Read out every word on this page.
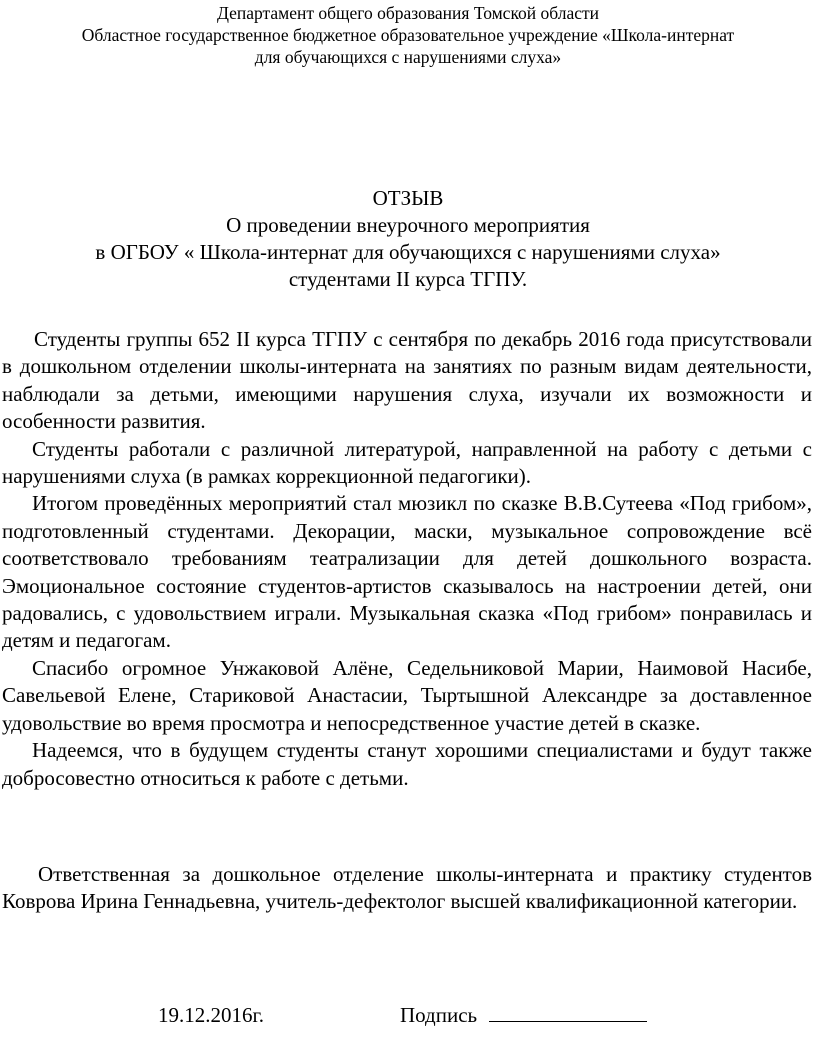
Департамент общего образования Томской области
Областное государственное бюджетное образовательное учреждение «Школа-интернат
для обучающихся с нарушениями слуха»
ОТЗЫВ
О проведении внеурочного мероприятия
в ОГБОУ « Школа-интернат для обучающихся с нарушениями слуха»
студентами II курса ТГПУ.

Студенты группы 652 II курса ТГПУ с сентября по декабрь 2016 года присутствовали в дошкольном отделении школы-интерната на занятиях по разным видам деятельности, наблюдали за детьми, имеющими нарушения слуха, изучали их возможности и особенности развития.

Студенты работали с различной литературой, направленной на работу с детьми с нарушениями слуха (в рамках коррекционной педагогики).

Итогом проведённых мероприятий стал мюзикл по сказке В.В.Сутеева «Под грибом», подготовленный студентами. Декорации, маски, музыкальное сопровождение всё соответствовало требованиям театрализации для детей дошкольного возраста. Эмоциональное состояние студентов-артистов сказывалось на настроении детей, они радовались, с удовольствием играли. Музыкальная сказка «Под грибом» понравилась и детям и педагогам.

Спасибо огромное Унжаковой Алёне, Седельниковой Марии, Наимовой Насибе, Савельевой Елене, Стариковой Анастасии, Тыртышной Александре за доставленное удовольствие во время просмотра и непосредственное участие детей в сказке.

Надеемся, что в будущем студенты станут хорошими специалистами и будут также добросовестно относиться к работе с детьми.

Ответственная за дошкольное отделение школы-интерната и практику студентов Коврова Ирина Геннадьевна, учитель-дефектолог высшей квалификационной категории.
19.12.2016г.	Подпись
